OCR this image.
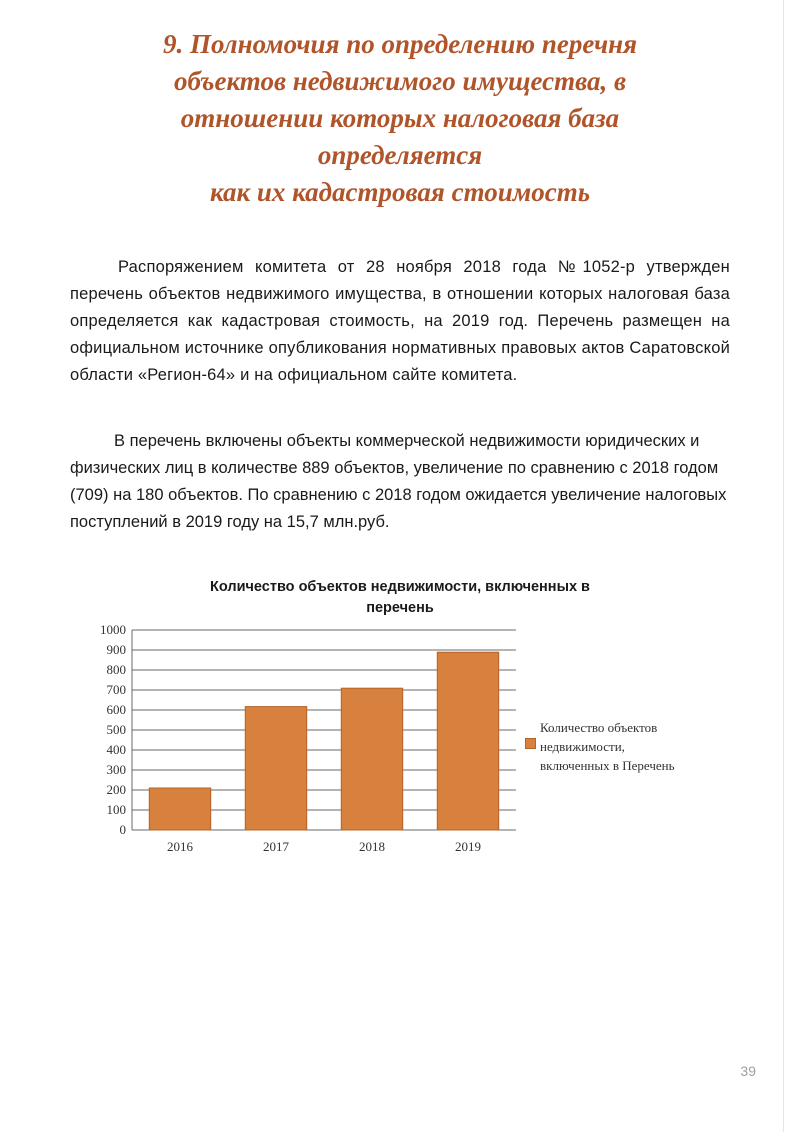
9. Полномочия по определению перечня
объектов недвижимого имущества, в
отношении которых налоговая база
определяется
как их кадастровая стоимость
Распоряжением комитета от 28 ноября 2018 года №1052-р утвержден перечень объектов недвижимого имущества, в отношении которых налоговая база определяется как кадастровая стоимость, на 2019 год. Перечень размещен на официальном источнике опубликования нормативных правовых актов Саратовской области «Регион-64» и на официальном сайте комитета.
В перечень включены объекты коммерческой недвижимости юридических и физических лиц в количестве 889 объектов, увеличение по сравнению с 2018 годом (709) на 180 объектов. По сравнению с 2018 годом ожидается увеличение налоговых поступлений в 2019 году на 15,7 млн.руб.
Количество объектов недвижимости, включенных в
перечень
0
100
200
300
400
500
600
700
800
900
1000
2016	2017	2018	2019
Количество объектов
недвижимости,
включенных в Перечень
39
